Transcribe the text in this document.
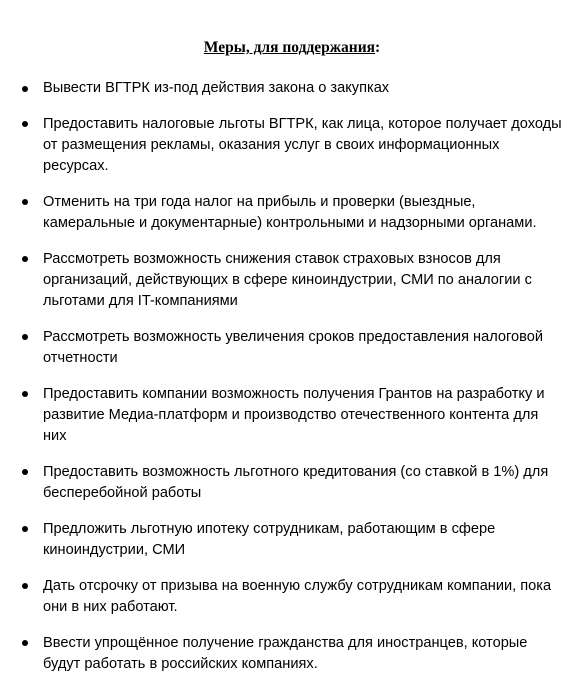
Меры, для поддержания:
Вывести ВГТРК из-под действия закона о закупках
Предоставить налоговые льготы ВГТРК, как лица, которое получает доходы от размещения рекламы, оказания услуг в своих информационных ресурсах.
Отменить на три года налог на прибыль и проверки (выездные, камеральные и документарные) контрольными и надзорными органами.
Рассмотреть возможность снижения ставок страховых взносов для организаций, действующих в сфере киноиндустрии, СМИ по аналогии с льготами для IT-компаниями
Рассмотреть возможность увеличения сроков предоставления налоговой отчетности
Предоставить компании возможность получения Грантов на разработку и развитие Медиа-платформ и производство отечественного контента для них
Предоставить возможность льготного кредитования (со ставкой в 1%) для бесперебойной работы
Предложить льготную ипотеку сотрудникам, работающим в сфере киноиндустрии, СМИ
Дать отсрочку от призыва на военную службу сотрудникам компании, пока они в них работают.
Ввести упрощённое получение гражданства для иностранцев, которые будут работать в российских компаниях.
